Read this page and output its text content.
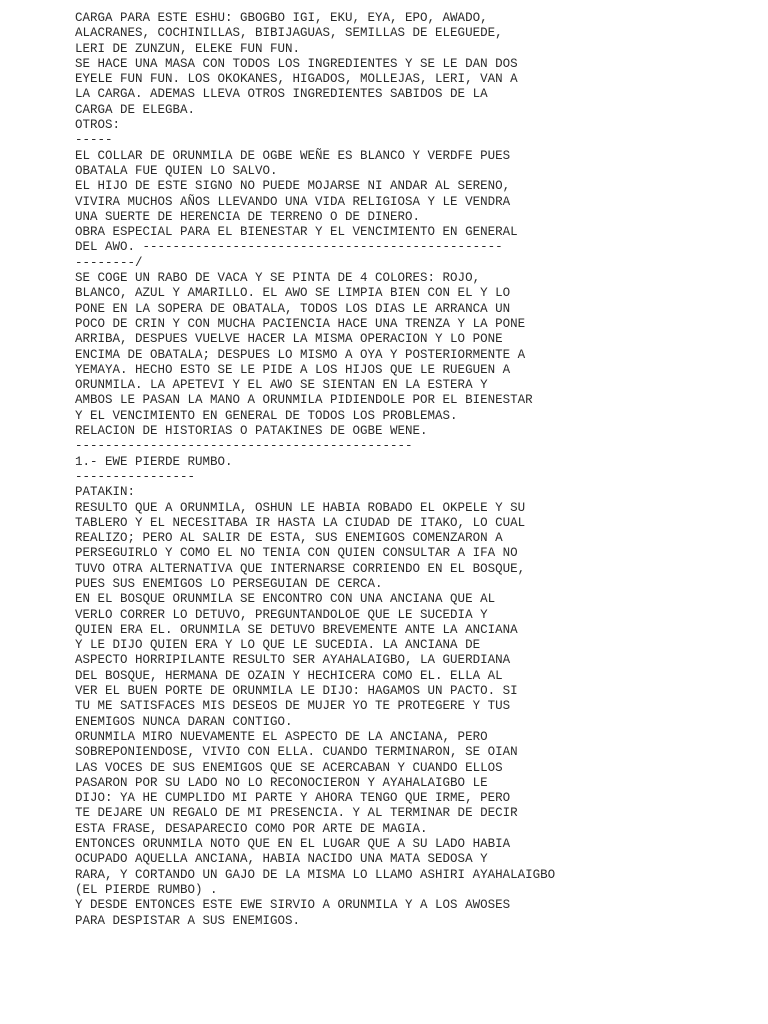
CARGA PARA ESTE ESHU: GBOGBO IGI, EKU, EYA, EPO, AWADO,
ALACRANES, COCHINILLAS, BIBIJAGUAS, SEMILLAS DE ELEGUEDE,
LERI DE ZUNZUN, ELEKE FUN FUN.
SE HACE UNA MASA CON TODOS LOS INGREDIENTES Y SE LE DAN DOS
EYELE FUN FUN. LOS OKOKANES, HIGADOS, MOLLEJAS, LERI, VAN A
LA CARGA. ADEMAS LLEVA OTROS INGREDIENTES SABIDOS DE LA
CARGA DE ELEGBA.
OTROS:
-----
EL COLLAR DE ORUNMILA DE OGBE WEÑE ES BLANCO Y VERDFE PUES
OBATALA FUE QUIEN LO SALVO.
EL HIJO DE ESTE SIGNO NO PUEDE MOJARSE NI ANDAR AL SERENO,
VIVIRA MUCHOS AÑOS LLEVANDO UNA VIDA RELIGIOSA Y LE VENDRA
UNA SUERTE DE HERENCIA DE TERRENO O DE DINERO.
OBRA ESPECIAL PARA EL BIENESTAR Y EL VENCIMIENTO EN GENERAL
DEL AWO. ------------------------------------------------
--------/
SE COGE UN RABO DE VACA Y SE PINTA DE 4 COLORES: ROJO,
BLANCO, AZUL Y AMARILLO. EL AWO SE LIMPIA BIEN CON EL Y LO
PONE EN LA SOPERA DE OBATALA, TODOS LOS DIAS LE ARRANCA UN
POCO DE CRIN Y CON MUCHA PACIENCIA HACE UNA TRENZA Y LA PONE
ARRIBA, DESPUES VUELVE HACER LA MISMA OPERACION Y LO PONE
ENCIMA DE OBATALA; DESPUES LO MISMO A OYA Y POSTERIORMENTE A
YEMAYA. HECHO ESTO SE LE PIDE A LOS HIJOS QUE LE RUEGUEN A
ORUNMILA. LA APETEVI Y EL AWO SE SIENTAN EN LA ESTERA Y
AMBOS LE PASAN LA MANO A ORUNMILA PIDIENDOLE POR EL BIENESTAR
Y EL VENCIMIENTO EN GENERAL DE TODOS LOS PROBLEMAS.
RELACION DE HISTORIAS O PATAKINES DE OGBE WENE.
---------------------------------------------
1.- EWE PIERDE RUMBO.
----------------
PATAKIN:
RESULTO QUE A ORUNMILA, OSHUN LE HABIA ROBADO EL OKPELE Y SU
TABLERO Y EL NECESITABA IR HASTA LA CIUDAD DE ITAKO, LO CUAL
REALIZO; PERO AL SALIR DE ESTA, SUS ENEMIGOS COMENZARON A
PERSEGUIRLO Y COMO EL NO TENIA CON QUIEN CONSULTAR A IFA NO
TUVO OTRA ALTERNATIVA QUE INTERNARSE CORRIENDO EN EL BOSQUE,
PUES SUS ENEMIGOS LO PERSEGUIAN DE CERCA.
EN EL BOSQUE ORUNMILA SE ENCONTRO CON UNA ANCIANA QUE AL
VERLO CORRER LO DETUVO, PREGUNTANDOLOE QUE LE SUCEDIA Y
QUIEN ERA EL. ORUNMILA SE DETUVO BREVEMENTE ANTE LA ANCIANA
Y LE DIJO QUIEN ERA Y LO QUE LE SUCEDIA. LA ANCIANA DE
ASPECTO HORRIPILANTE RESULTO SER AYAHALAIGBO, LA GUERDIANA
DEL BOSQUE, HERMANA DE OZAIN Y HECHICERA COMO EL. ELLA AL
VER EL BUEN PORTE DE ORUNMILA LE DIJO: HAGAMOS UN PACTO. SI
TU ME SATISFACES MIS DESEOS DE MUJER YO TE PROTEGERE Y TUS
ENEMIGOS NUNCA DARAN CONTIGO.
ORUNMILA MIRO NUEVAMENTE EL ASPECTO DE LA ANCIANA, PERO
SOBREPONIENDOSE, VIVIO CON ELLA. CUANDO TERMINARON, SE OIAN
LAS VOCES DE SUS ENEMIGOS QUE SE ACERCABAN Y CUANDO ELLOS
PASARON POR SU LADO NO LO RECONOCIERON Y AYAHALAIGBO LE
DIJO: YA HE CUMPLIDO MI PARTE Y AHORA TENGO QUE IRME, PERO
TE DEJARE UN REGALO DE MI PRESENCIA. Y AL TERMINAR DE DECIR
ESTA FRASE, DESAPARECIO COMO POR ARTE DE MAGIA.
ENTONCES ORUNMILA NOTO QUE EN EL LUGAR QUE A SU LADO HABIA
OCUPADO AQUELLA ANCIANA, HABIA NACIDO UNA MATA SEDOSA Y
RARA, Y CORTANDO UN GAJO DE LA MISMA LO LLAMO ASHIRI AYAHALAIGBO
(EL PIERDE RUMBO) .
Y DESDE ENTONCES ESTE EWE SIRVIO A ORUNMILA Y A LOS AWOSES
PARA DESPISTAR A SUS ENEMIGOS.
